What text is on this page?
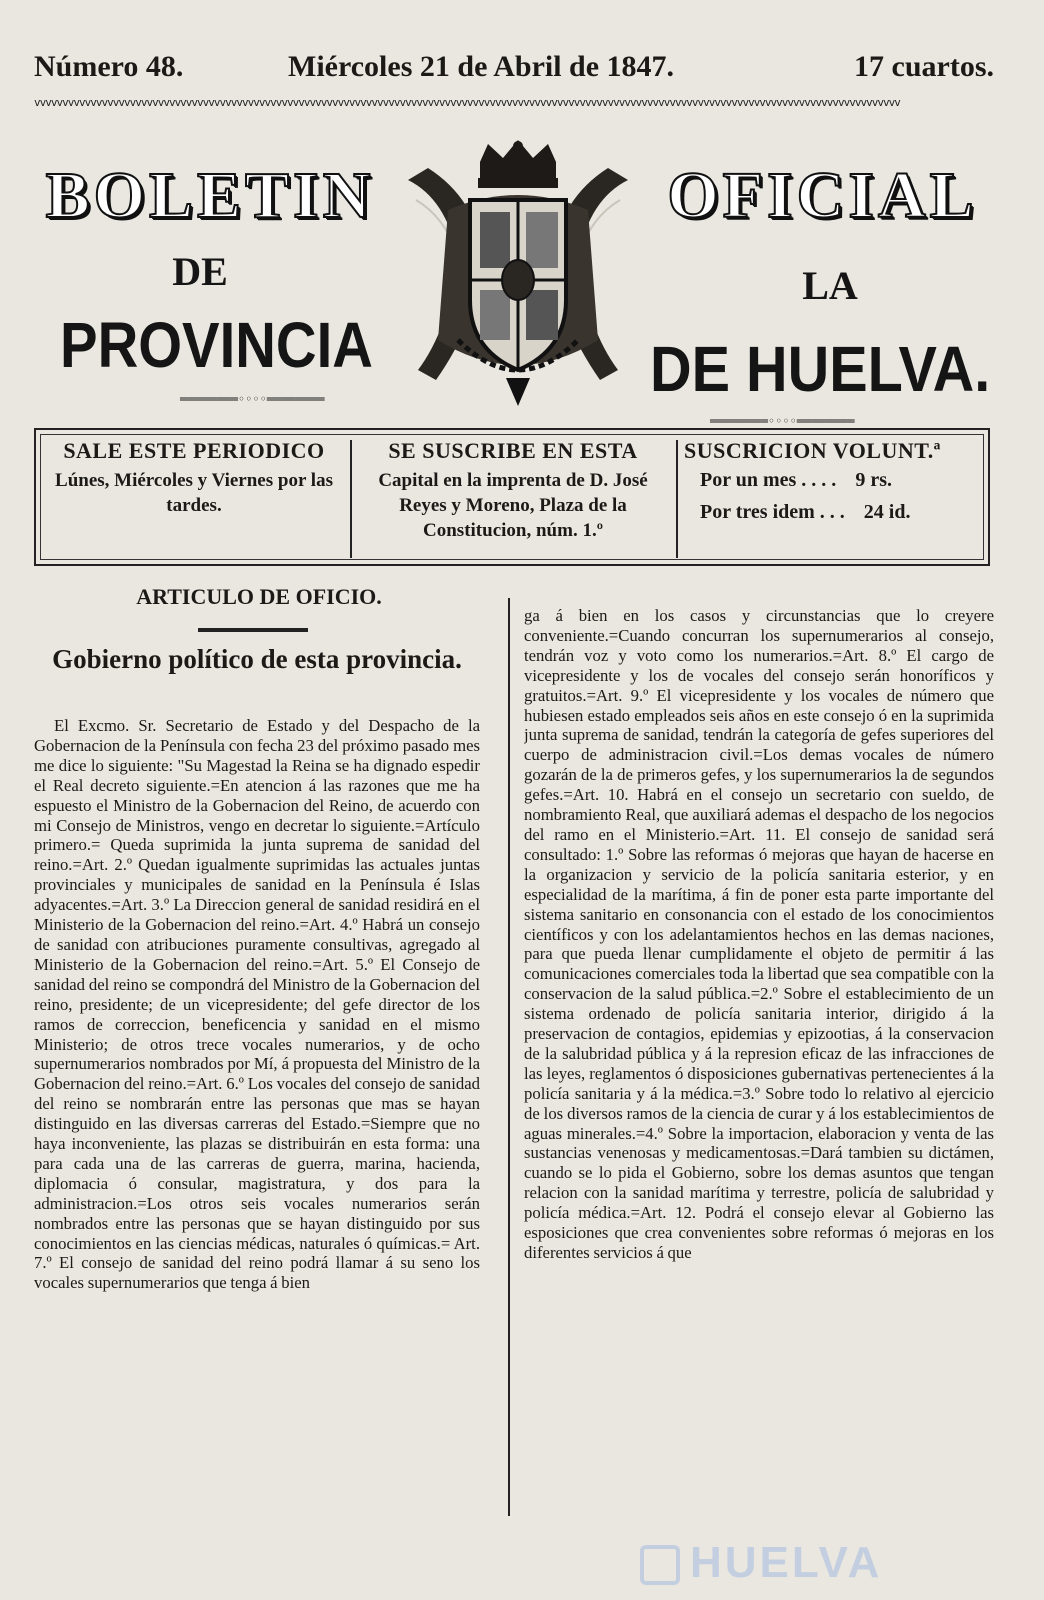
Número 48.	Miércoles 21 de Abril de 1847.	17 cuartos.
vvvvvvvvvvvvvvvvvvvvvvvvvvvvvvvvvvvvvvvvvvvvvvvvvvvvvvvvvvvvvvvvvvvvvvvvvvvvvvvvvvvvvvvvvvvvvvvvvvvvvvvvvvvvvvvvvvvvvvvvvvvvvvvvvvvvvvvvvvvvvvvvvvvvvvvvvv
BOLETIN	OFICIAL
DE	LA
PROVINCIA	DE HUELVA.
════════◦◦◦◦════════
════════◦◦◦◦════════
SALE ESTE PERIODICO
Lúnes, Miércoles y Viernes por las tardes.
SE SUSCRIBE EN ESTA
Capital en la imprenta de D. José Reyes y Moreno, Plaza de la Constitucion, núm. 1.º
SUSCRICION VOLUNT.ª
Por un mes . . . . 9 rs.
Por tres idem . . . 24 id.
ARTICULO DE OFICIO.
Gobierno político de esta provincia.

El Excmo. Sr. Secretario de Estado y del Despacho de la Gobernacion de la Península con fecha 23 del próximo pasado mes me dice lo siguiente: "Su Magestad la Reina se ha dignado espedir el Real decreto siguiente.=En atencion á las razones que me ha espuesto el Ministro de la Gobernacion del Reino, de acuerdo con mi Consejo de Ministros, vengo en decretar lo siguiente.=Artículo primero.= Queda suprimida la junta suprema de sanidad del reino.=Art. 2.º Quedan igualmente suprimidas las actuales juntas provinciales y municipales de sanidad en la Península é Islas adyacentes.=Art. 3.º La Direccion general de sanidad residirá en el Ministerio de la Gobernacion del reino.=Art. 4.º Habrá un consejo de sanidad con atribuciones puramente consultivas, agregado al Ministerio de la Gobernacion del reino.=Art. 5.º El Consejo de sanidad del reino se compondrá del Ministro de la Gobernacion del reino, presidente; de un vicepresidente; del gefe director de los ramos de correccion, beneficencia y sanidad en el mismo Ministerio; de otros trece vocales numerarios, y de ocho supernumerarios nombrados por Mí, á propuesta del Ministro de la Gobernacion del reino.=Art. 6.º Los vocales del consejo de sanidad del reino se nombrarán entre las personas que mas se hayan distinguido en las diversas carreras del Estado.=Siempre que no haya inconveniente, las plazas se distribuirán en esta forma: una para cada una de las carreras de guerra, marina, hacienda, diplomacia ó consular, magistratura, y dos para la administracion.=Los otros seis vocales numerarios serán nombrados entre las personas que se hayan distinguido por sus conocimientos en las ciencias médicas, naturales ó químicas.= Art. 7.º El consejo de sanidad del reino podrá llamar á su seno los vocales supernumerarios que tenga á bien

ga á bien en los casos y circunstancias que lo creyere conveniente.=Cuando concurran los supernumerarios al consejo, tendrán voz y voto como los numerarios.=Art. 8.º El cargo de vicepresidente y los de vocales del consejo serán honoríficos y gratuitos.=Art. 9.º El vicepresidente y los vocales de número que hubiesen estado empleados seis años en este consejo ó en la suprimida junta suprema de sanidad, tendrán la categoría de gefes superiores del cuerpo de administracion civil.=Los demas vocales de número gozarán de la de primeros gefes, y los supernumerarios la de segundos gefes.=Art. 10. Habrá en el consejo un secretario con sueldo, de nombramiento Real, que auxiliará ademas el despacho de los negocios del ramo en el Ministerio.=Art. 11. El consejo de sanidad será consultado: 1.º Sobre las reformas ó mejoras que hayan de hacerse en la organizacion y servicio de la policía sanitaria esterior, y en especialidad de la marítima, á fin de poner esta parte importante del sistema sanitario en consonancia con el estado de los conocimientos científicos y con los adelantamientos hechos en las demas naciones, para que pueda llenar cumplidamente el objeto de permitir á las comunicaciones comerciales toda la libertad que sea compatible con la conservacion de la salud pública.=2.º Sobre el establecimiento de un sistema ordenado de policía sanitaria interior, dirigido á la preservacion de contagios, epidemias y epizootias, á la conservacion de la salubridad pública y á la represion eficaz de las infracciones de las leyes, reglamentos ó disposiciones gubernativas pertenecientes á la policía sanitaria y á la médica.=3.º Sobre todo lo relativo al ejercicio de los diversos ramos de la ciencia de curar y á los establecimientos de aguas minerales.=4.º Sobre la importacion, elaboracion y venta de las sustancias venenosas y medicamentosas.=Dará tambien su dictámen, cuando se lo pida el Gobierno, sobre los demas asuntos que tengan relacion con la sanidad marítima y terrestre, policía de salubridad y policía médica.=Art. 12. Podrá el consejo elevar al Gobierno las esposiciones que crea convenientes sobre reformas ó mejoras en los diferentes servicios á que

HUELVA
